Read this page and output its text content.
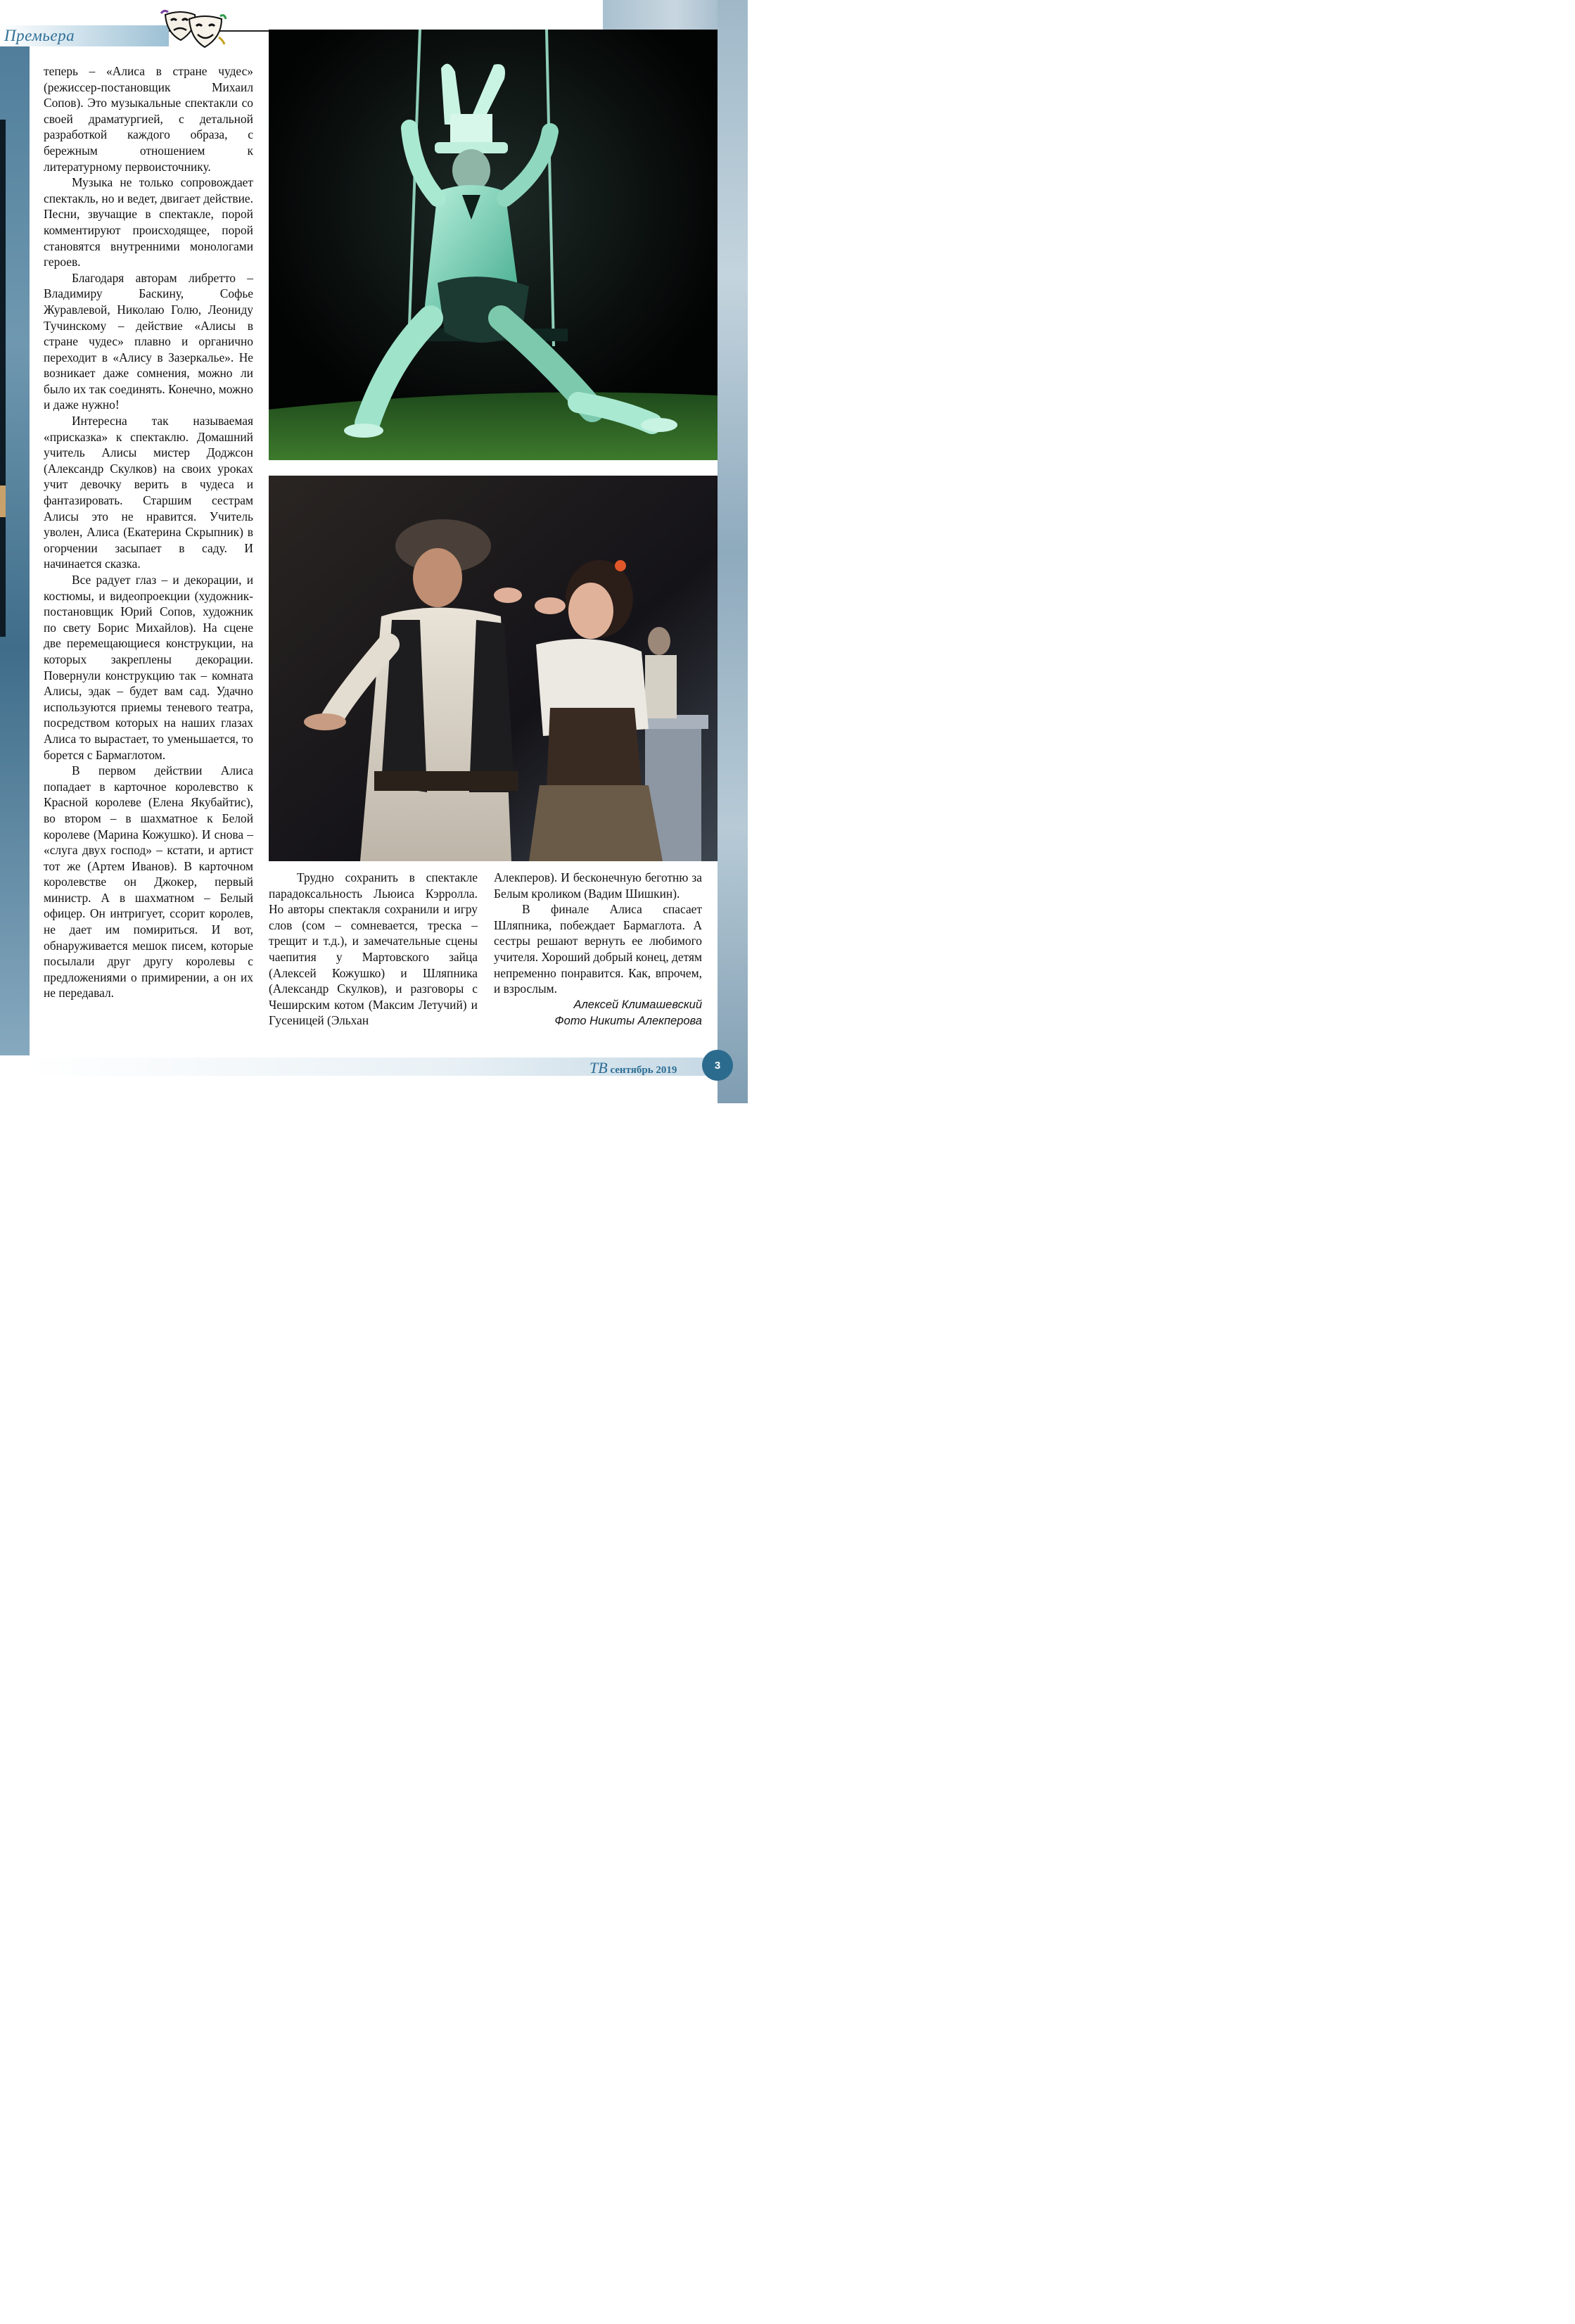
Премьера

теперь – «Алиса в стране чудес» (режиссер-постановщик Михаил Сопов). Это музыкальные спектакли со своей драматургией, с детальной разработкой каждого образа, с бережным отношением к литературному первоисточнику.

Музыка не только сопровождает спектакль, но и ведет, двигает действие. Песни, звучащие в спектакле, порой комментируют происходящее, порой становятся внутренними монологами героев.

Благодаря авторам либретто – Владимиру Баскину, Софье Журавлевой, Николаю Голю, Леониду Тучинскому – действие «Алисы в стране чудес» плавно и органично переходит в «Алису в Зазеркалье». Не возникает даже сомнения, можно ли было их так соединять. Конечно, можно и даже нужно!

Интересна так называемая «присказка» к спектаклю. Домашний учитель Алисы мистер Доджсон (Александр Скулков) на своих уроках учит девочку верить в чудеса и фантазировать. Старшим сестрам Алисы это не нравится. Учитель уволен, Алиса (Екатерина Скрыпник) в огорчении засыпает в саду. И начинается сказка.

Все радует глаз – и декорации, и костюмы, и видеопроекции (художник-постановщик Юрий Сопов, художник по свету Борис Михайлов). На сцене две перемещающиеся конструкции, на которых закреплены декорации. Повернули конструкцию так – комната Алисы, эдак – будет вам сад. Удачно используются приемы теневого театра, посредством которых на наших глазах Алиса то вырастает, то уменьшается, то борется с Бармаглотом.

В первом действии Алиса попадает в карточное королевство к Красной королеве (Елена Якубайтис), во втором – в шахматное к Белой королеве (Марина Кожушко). И снова – «слуга двух господ» – кстати, и артист тот же (Артем Иванов). В карточном королевстве он Джокер, первый министр. А в шахматном – Белый офицер. Он интригует, ссорит королев, не дает им помириться. И вот, обнаруживается мешок писем, которые посылали друг другу королевы с предложениями о примирении, а он их не передавал.

Трудно сохранить в спектакле парадоксальность Льюиса Кэрролла. Но авторы спектакля сохранили и игру слов (сом – сомневается, треска – трещит и т.д.), и замечательные сцены чаепития у Мартовского зайца (Алексей Кожушко) и Шляпника (Александр Скулков), и разговоры с Чеширским котом (Максим Летучий) и Гусеницей (Эльхан

Алекперов). И бесконечную беготню за Белым кроликом (Вадим Шишкин).

В финале Алиса спасает Шляпника, побеждает Бармаглота. А сестры решают вернуть ее любимого учителя. Хороший добрый конец, детям непременно понравится. Как, впрочем, и взрослым.

Алексей Климашевский
Фото Никиты Алекперова
ТВ сентябрь 2019	3
